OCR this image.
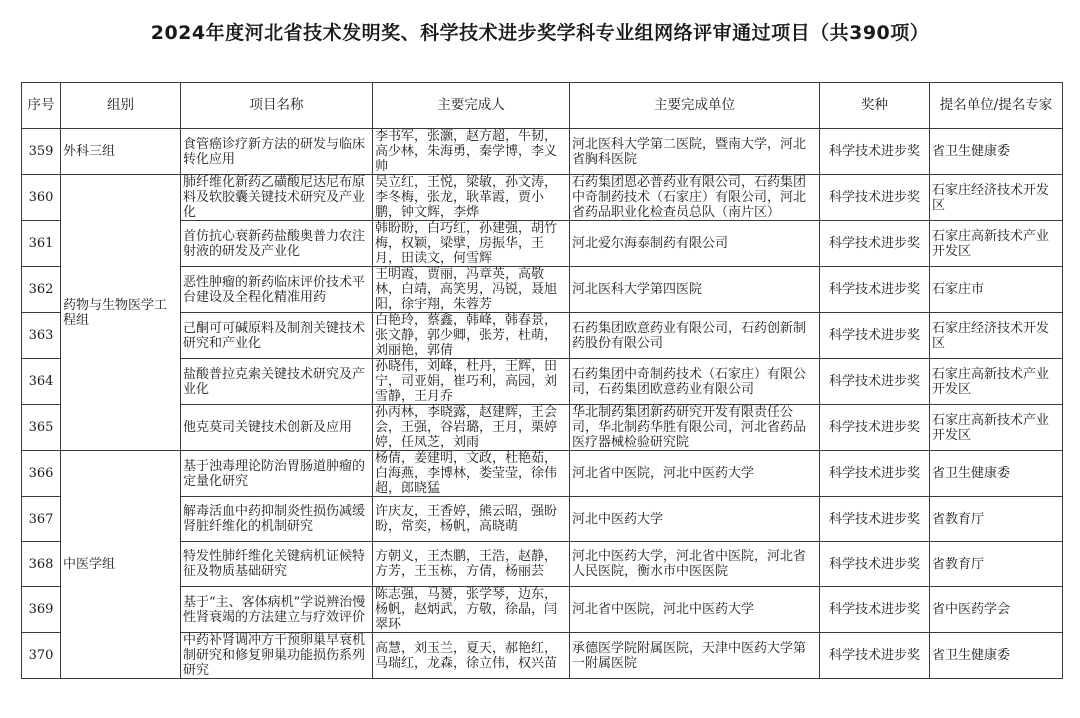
2024年度河北省技术发明奖、科学技术进步奖学科专业组网络评审通过项目（共390项）
序号	组别	项目名称	主要完成人	主要完成单位	奖种	提名单位/提名专家
359	外科三组	食管癌诊疗新方法的研发与临床转化应用	李书军，张灏，赵方超，牛韧，高少林，朱海勇，秦学博，李义帅	河北医科大学第二医院，暨南大学，河北省胸科医院	科学技术进步奖	省卫生健康委
360	药物与生物医学工程组	肺纤维化新药乙磺酸尼达尼布原料及软胶囊关键技术研究及产业化	吴立红，王悦，梁敏，孙文涛，李冬梅，张龙，耿革霞，贾小鹏，钟文辉，李烨	石药集团恩必普药业有限公司，石药集团中奇制药技术（石家庄）有限公司，河北省药品职业化检查员总队（南片区）	科学技术进步奖	石家庄经济技术开发区
361		首仿抗心衰新药盐酸奥普力农注射液的研发及产业化	韩盼盼，白巧红，孙建强，胡竹梅，权颖，梁擘，房振华，王月，田读文，何雪辉	河北爱尔海泰制药有限公司	科学技术进步奖	石家庄高新技术产业开发区
362		恶性肿瘤的新药临床评价技术平台建设及全程化精准用药	王明霞，贾丽，冯章英，高敬林，白靖，高笑男，冯锐，聂旭阳，徐宇翔，朱蓉芳	河北医科大学第四医院	科学技术进步奖	石家庄市
363		己酮可可碱原料及制剂关键技术研究和产业化	白艳玲，蔡鑫，韩峰，韩春景，张文静，郭少卿，张芳，杜萌，刘丽艳，郭倩	石药集团欧意药业有限公司，石药创新制药股份有限公司	科学技术进步奖	石家庄经济技术开发区
364		盐酸普拉克索关键技术研究及产业化	孙晓伟，刘峰，杜丹，王辉，田宁，司亚娟，崔巧利，高园，刘雪静，王月乔	石药集团中奇制药技术（石家庄）有限公司，石药集团欧意药业有限公司	科学技术进步奖	石家庄高新技术产业开发区
365		他克莫司关键技术创新及应用	孙丙林，李晓露，赵建辉，王会会，王强，谷岩璐，王月，栗婷婷，任凤芝，刘雨	华北制药集团新药研究开发有限责任公司，华北制药华胜有限公司，河北省药品医疗器械检验研究院	科学技术进步奖	石家庄高新技术产业开发区
366	中医学组	基于浊毒理论防治胃肠道肿瘤的定量化研究	杨倩，姜建明，文政，杜艳茹，白海燕，李博林，娄莹莹，徐伟超，郎晓猛	河北省中医院，河北中医药大学	科学技术进步奖	省卫生健康委
367		解毒活血中药抑制炎性损伤减缓肾脏纤维化的机制研究	许庆友，王香婷，熊云昭，强盼盼，常奕，杨帆，高晓萌	河北中医药大学	科学技术进步奖	省教育厅
368		特发性肺纤维化关键病机证候特征及物质基础研究	方朝义，王杰鹏，王浩，赵静，方芳，王玉栋，方倩，杨丽芸	河北中医药大学，河北省中医院，河北省人民医院，衡水市中医医院	科学技术进步奖	省教育厅
369		基于“主、客体病机”学说辨治慢性肾衰竭的方法建立与疗效评价	陈志强，马赟，张学琴，边东，杨帆，赵炳武，方敬，徐晶，闫翠环	河北省中医院，河北中医药大学	科学技术进步奖	省中医药学会
370		中药补肾调冲方干预卵巢早衰机制研究和修复卵巢功能损伤系列研究	高慧，刘玉兰，夏天，郝艳红，马瑞红，龙森，徐立伟，权兴苗	承德医学院附属医院，天津中医药大学第一附属医院	科学技术进步奖	省卫生健康委
